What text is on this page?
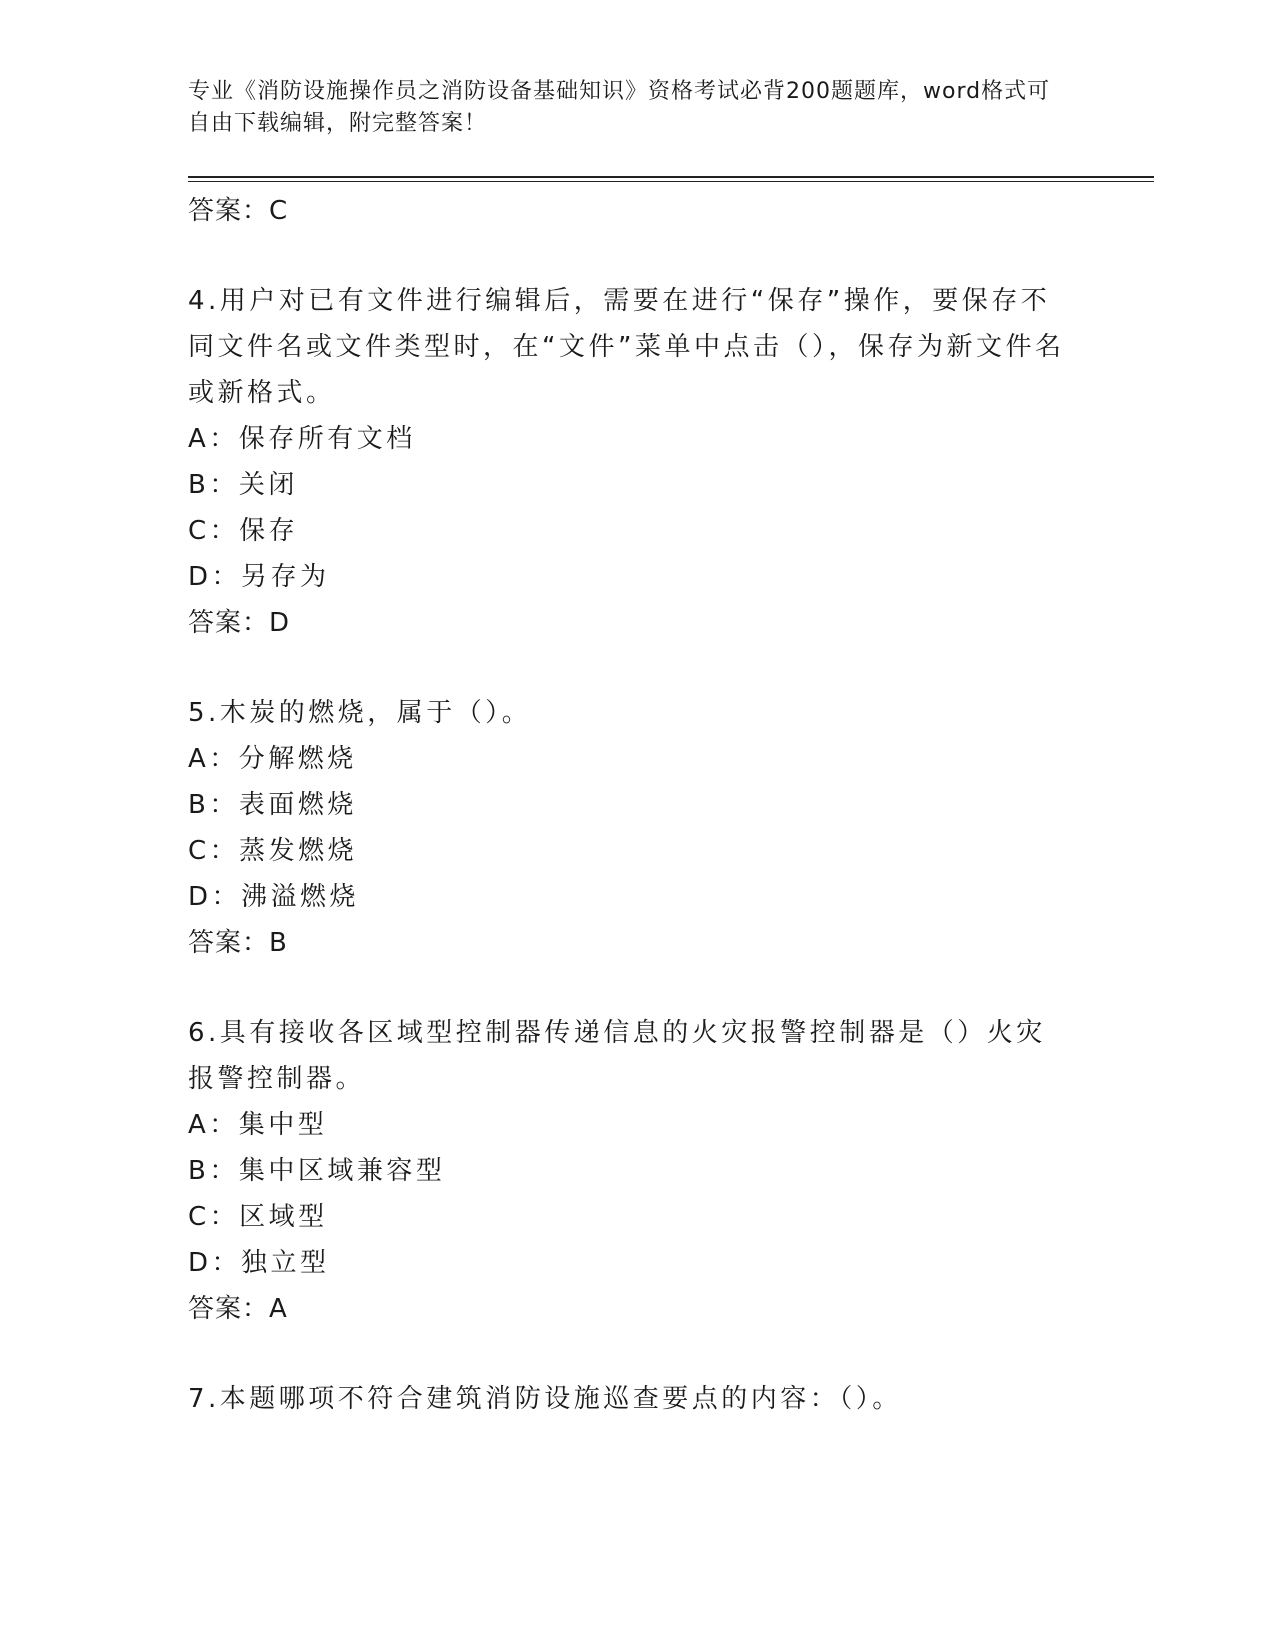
专业《消防设施操作员之消防设备基础知识》资格考试必背200题题库，word格式可自由下载编辑，附完整答案！
答案：C
4.用户对已有文件进行编辑后，需要在进行“保存”操作，要保存不同文件名或文件类型时，在“文件”菜单中点击（），保存为新文件名或新格式。
A：保存所有文档
B：关闭
C：保存
D：另存为
答案：D
5.木炭的燃烧，属于（）。
A：分解燃烧
B：表面燃烧
C：蒸发燃烧
D：沸溢燃烧
答案：B
6.具有接收各区域型控制器传递信息的火灾报警控制器是（）火灾报警控制器。
A：集中型
B：集中区域兼容型
C：区域型
D：独立型
答案：A
7.本题哪项不符合建筑消防设施巡查要点的内容：（）。
